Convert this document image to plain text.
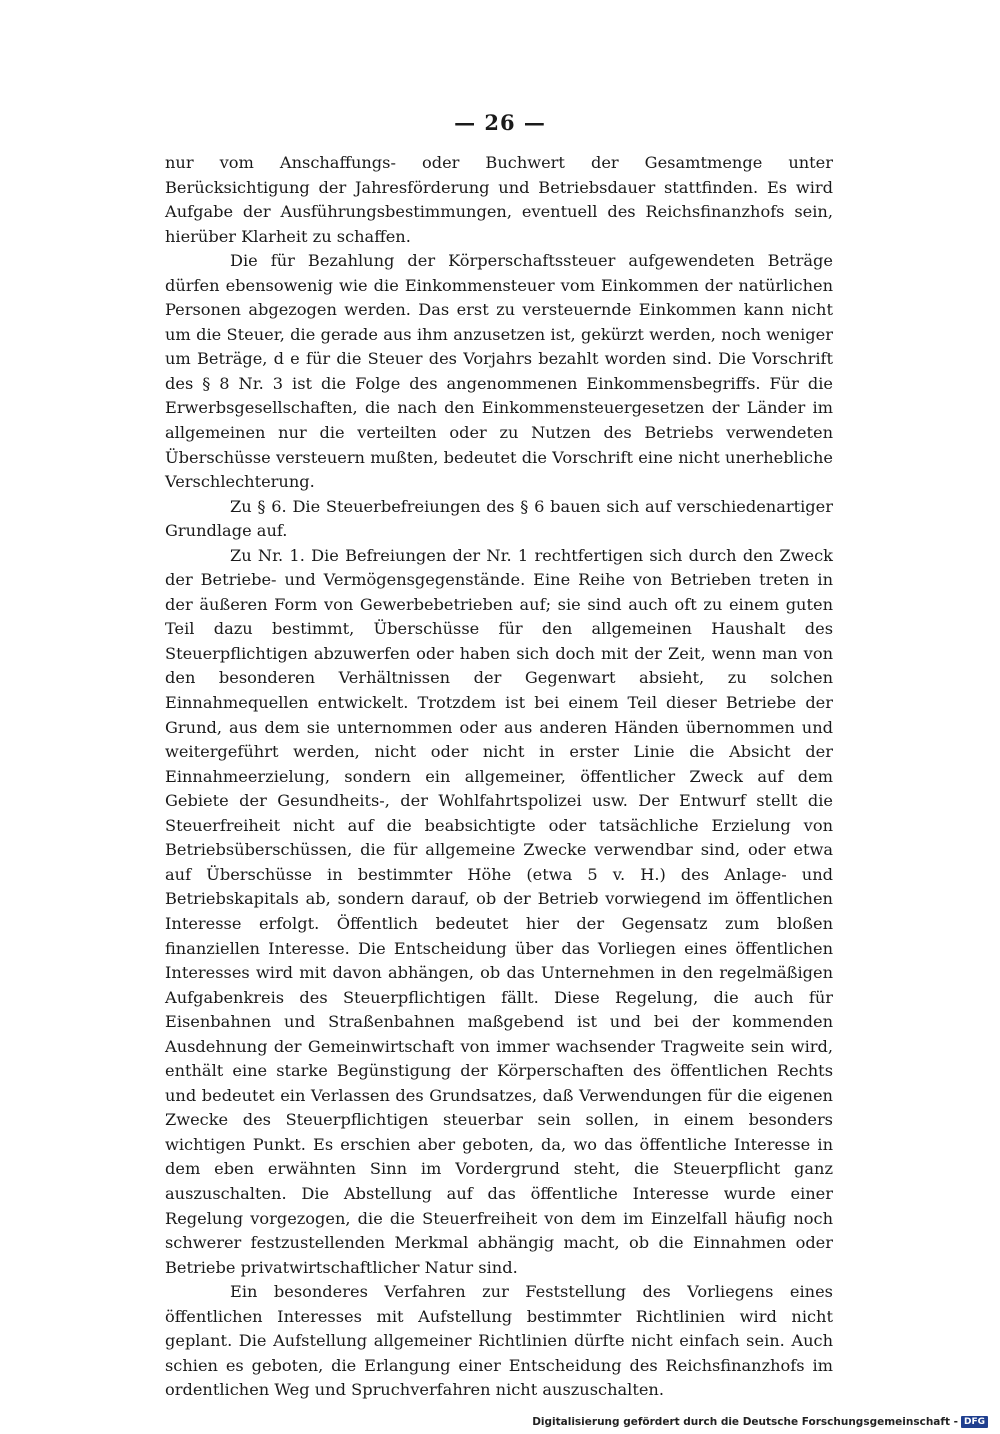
— 26 —

nur vom Anschaffungs- oder Buchwert der Gesamtmenge unter Berücksichtigung der Jahresförderung und Betriebsdauer stattfinden. Es wird Aufgabe der Ausführungsbestimmungen, eventuell des Reichsfinanzhofs sein, hierüber Klarheit zu schaffen.

Die für Bezahlung der Körperschaftssteuer aufgewendeten Beträge dürfen ebensowenig wie die Einkommensteuer vom Einkommen der natürlichen Personen abgezogen werden. Das erst zu versteuernde Einkommen kann nicht um die Steuer, die gerade aus ihm anzusetzen ist, gekürzt werden, noch weniger um Beträge, d e für die Steuer des Vorjahrs bezahlt worden sind. Die Vorschrift des § 8 Nr. 3 ist die Folge des angenommenen Einkommensbegriffs. Für die Erwerbsgesellschaften, die nach den Einkommensteuergesetzen der Länder im allgemeinen nur die verteilten oder zu Nutzen des Betriebs verwendeten Überschüsse versteuern mußten, bedeutet die Vorschrift eine nicht unerhebliche Verschlechterung.

Zu § 6. Die Steuerbefreiungen des § 6 bauen sich auf verschiedenartiger Grundlage auf.

Zu Nr. 1. Die Befreiungen der Nr. 1 rechtfertigen sich durch den Zweck der Betriebe- und Vermögensgegenstände. Eine Reihe von Betrieben treten in der äußeren Form von Gewerbebetrieben auf; sie sind auch oft zu einem guten Teil dazu bestimmt, Überschüsse für den allgemeinen Haushalt des Steuerpflichtigen abzuwerfen oder haben sich doch mit der Zeit, wenn man von den besonderen Verhältnissen der Gegenwart absieht, zu solchen Einnahmequellen entwickelt. Trotzdem ist bei einem Teil dieser Betriebe der Grund, aus dem sie unternommen oder aus anderen Händen übernommen und weitergeführt werden, nicht oder nicht in erster Linie die Absicht der Einnahmeerzielung, sondern ein allgemeiner, öffentlicher Zweck auf dem Gebiete der Gesundheits-, der Wohlfahrtspolizei usw. Der Entwurf stellt die Steuerfreiheit nicht auf die beabsichtigte oder tatsächliche Erzielung von Betriebsüberschüssen, die für allgemeine Zwecke verwendbar sind, oder etwa auf Überschüsse in bestimmter Höhe (etwa 5 v. H.) des Anlage- und Betriebskapitals ab, sondern darauf, ob der Betrieb vorwiegend im öffentlichen Interesse erfolgt. Öffentlich bedeutet hier der Gegensatz zum bloßen finanziellen Interesse. Die Entscheidung über das Vorliegen eines öffentlichen Interesses wird mit davon abhängen, ob das Unternehmen in den regelmäßigen Aufgabenkreis des Steuerpflichtigen fällt. Diese Regelung, die auch für Eisenbahnen und Straßenbahnen maßgebend ist und bei der kommenden Ausdehnung der Gemeinwirtschaft von immer wachsender Tragweite sein wird, enthält eine starke Begünstigung der Körperschaften des öffentlichen Rechts und bedeutet ein Verlassen des Grundsatzes, daß Verwendungen für die eigenen Zwecke des Steuerpflichtigen steuerbar sein sollen, in einem besonders wichtigen Punkt. Es erschien aber geboten, da, wo das öffentliche Interesse in dem eben erwähnten Sinn im Vordergrund steht, die Steuerpflicht ganz auszuschalten. Die Abstellung auf das öffentliche Interesse wurde einer Regelung vorgezogen, die die Steuerfreiheit von dem im Einzelfall häufig noch schwerer festzustellenden Merkmal abhängig macht, ob die Einnahmen oder Betriebe privatwirtschaftlicher Natur sind.

Ein besonderes Verfahren zur Feststellung des Vorliegens eines öffentlichen Interesses mit Aufstellung bestimmter Richtlinien wird nicht geplant. Die Aufstellung allgemeiner Richtlinien dürfte nicht einfach sein. Auch schien es geboten, die Erlangung einer Entscheidung des Reichsfinanzhofs im ordentlichen Weg und Spruchverfahren nicht auszuschalten.

Digitalisierung gefördert durch die Deutsche Forschungsgemeinschaft - DFG
